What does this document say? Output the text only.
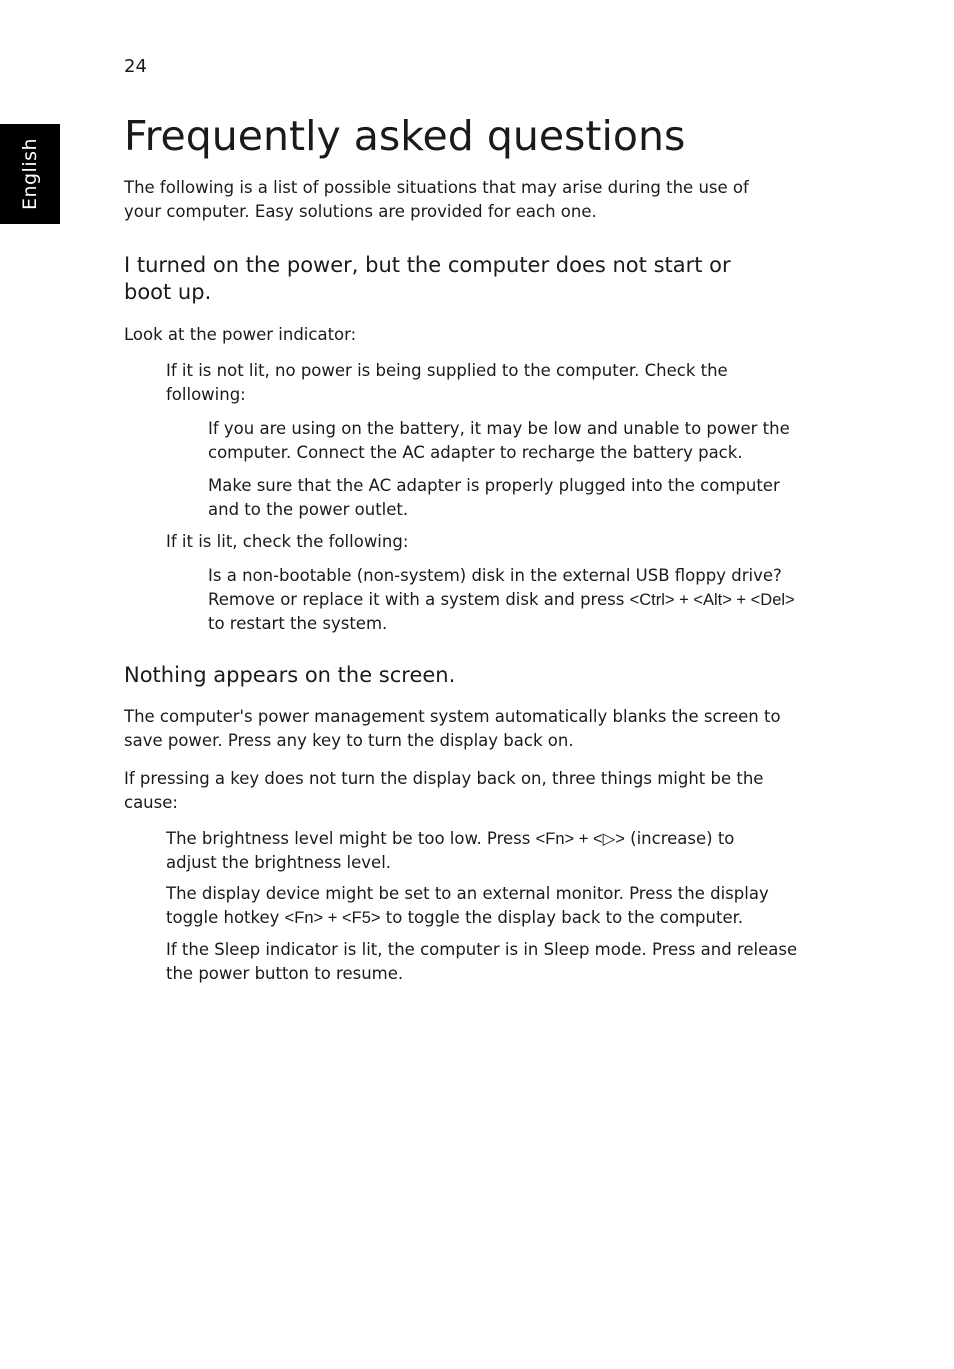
24
English
Frequently asked questions

The following is a list of possible situations that may arise during the use of your computer. Easy solutions are provided for each one.

I turned on the power, but the computer does not start or boot up.

Look at the power indicator:

If it is not lit, no power is being supplied to the computer. Check the following:

If you are using on the battery, it may be low and unable to power the computer. Connect the AC adapter to recharge the battery pack.

Make sure that the AC adapter is properly plugged into the computer and to the power outlet.

If it is lit, check the following:

Is a non-bootable (non-system) disk in the external USB floppy drive? Remove or replace it with a system disk and press <Ctrl> + <Alt> + <Del> to restart the system.

Nothing appears on the screen.

The computer's power management system automatically blanks the screen to save power. Press any key to turn the display back on.

If pressing a key does not turn the display back on, three things might be the cause:

The brightness level might be too low. Press <Fn> + <▷> (increase) to adjust the brightness level.

The display device might be set to an external monitor. Press the display toggle hotkey <Fn> + <F5> to toggle the display back to the computer.

If the Sleep indicator is lit, the computer is in Sleep mode. Press and release the power button to resume.
